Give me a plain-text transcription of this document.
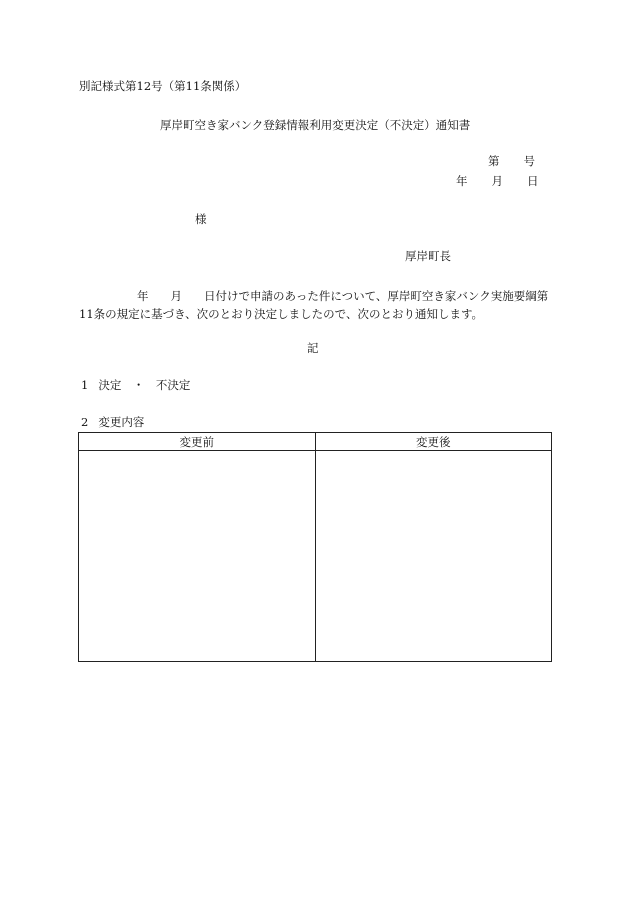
別記様式第12号（第11条関係）
厚岸町空き家バンク登録情報利用変更決定（不決定）通知書
第 号
年 月 日
様
厚岸町長
年 月 日付けで申請のあった件について、厚岸町空き家バンク実施要綱第11条の規定に基づき、次のとおり決定しましたので、次のとおり通知します。
記
1 決定　・　不決定
2 変更内容
変更前	変更後
